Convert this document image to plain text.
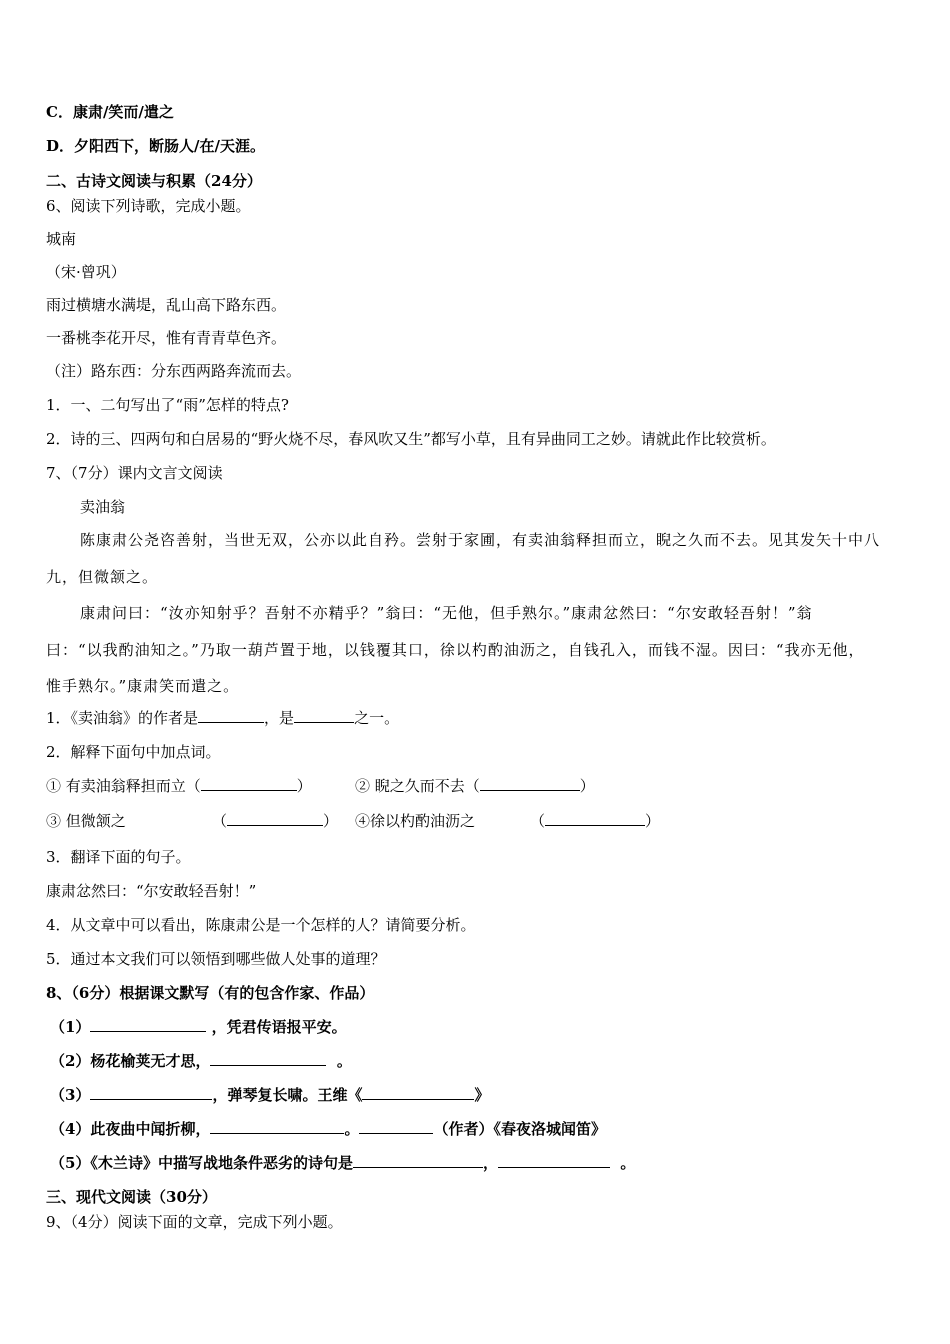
C．康肃/笑而/遣之
D．夕阳西下，断肠人/在/天涯。
二、古诗文阅读与积累（24分）
6、阅读下列诗歌，完成小题。
城南
（宋·曾巩）
雨过横塘水满堤，乱山高下路东西。
一番桃李花开尽，惟有青青草色齐。
（注）路东西：分东西两路奔流而去。
1．一、二句写出了“雨”怎样的特点?
2．诗的三、四两句和白居易的“野火烧不尽，春风吹又生”都写小草，且有异曲同工之妙。请就此作比较赏析。
7、（7分）课内文言文阅读
卖油翁
陈康肃公尧咨善射，当世无双，公亦以此自矜。尝射于家圃，有卖油翁释担而立，睨之久而不去。见其发矢十中八
九，但微颔之。
康肃问曰：“汝亦知射乎？吾射不亦精乎？”翁曰：“无他，但手熟尔。”康肃忿然曰：“尔安敢轻吾射！”翁
曰：“以我酌油知之。”乃取一葫芦置于地，以钱覆其口，徐以杓酌油沥之，自钱孔入，而钱不湿。因曰：“我亦无他，
惟手熟尔。”康肃笑而遣之。
1．《卖油翁》的作者是	，是	之一。
2．解释下面句中加点词。
① 有卖油翁释担而立（	）	② 睨之久而不去（	）
③ 但微颔之	（	） ④徐以杓酌油沥之	（	）
3．翻译下面的句子。
康肃忿然曰：“尔安敢轻吾射！”
4．从文章中可以看出，陈康肃公是一个怎样的人？请简要分析。
5．通过本文我们可以领悟到哪些做人处事的道理？
8、（6分）根据课文默写（有的包含作家、作品）
（1）	，凭君传语报平安。
（2）杨花榆荚无才思，	。
（3）	，弹琴复长啸。王维《	》
（4）此夜曲中闻折柳，	。	（作者）《春夜洛城闻笛》
（5）《木兰诗》中描写战地条件恶劣的诗句是	，	。
三、现代文阅读（30分）
9、（4分）阅读下面的文章，完成下列小题。
